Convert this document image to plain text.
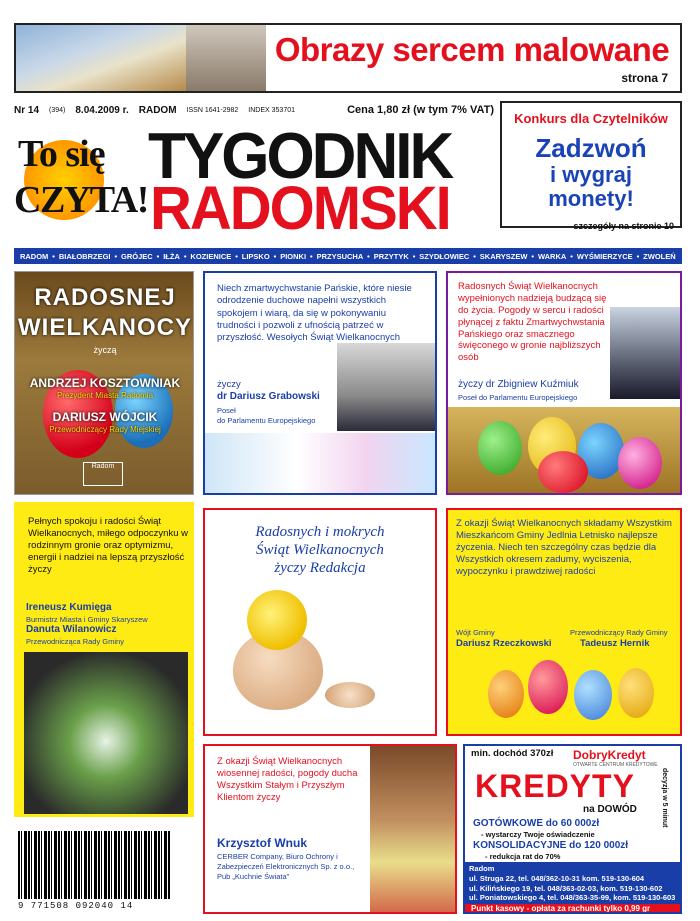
Obrazy sercem malowane
strona 7
Nr 14 (394) 8.04.2009 r. RADOM ISSN 1641-2982 INDEX 353701	Cena 1,80 zł (w tym 7% VAT)
To się
CZYTA!
TYGODNIK
RADOMSKI
Konkurs dla Czytelników
Zadzwoń
i wygraj monety!
szczegóły na stronie 10
RADOM • BIAŁOBRZEGI • GRÓJEC • IŁŻA • KOZIENICE • LIPSKO • PIONKI • PRZYSUCHA • PRZYTYK • SZYDŁOWIEC • SKARYSZEW • WARKA • WYŚMIERZYCE • ZWOLEŃ
RADOSNEJ
WIELKANOCY
życzą
ANDRZEJ KOSZTOWNIAK
Prezydent Miasta Radomia
DARIUSZ WÓJCIK
Przewodniczący Rady Miejskiej
Radom
Niech zmartwychwstanie Pańskie, które niesie odrodzenie duchowe napełni wszystkich spokojem i wiarą, da się w pokonywaniu trudności i pozwoli z ufnością patrzeć w przyszłość. Wesołych Świąt Wielkanocnych
życzy
dr Dariusz Grabowski
Poseł
do Parlamentu Europejskiego
Radosnych Świąt Wielkanocnych wypełnionych nadzieją budzącą się do życia. Pogody w sercu i radości płynącej z faktu Zmartwychwstania Pańskiego oraz smacznego święconego w gronie najbliższych osób
życzy dr Zbigniew Kuźmiuk
Poseł do Parlamentu Europejskiego
Pełnych spokoju i radości Świąt Wielkanocnych, miłego odpoczynku w rodzinnym gronie oraz optymizmu, energii i nadziei na lepszą przyszłość życzy
Ireneusz Kumięga
Burmistrz Miasta i Gminy Skaryszew
Danuta Wilanowicz
Przewodnicząca Rady Gminy
Radosnych i mokrych
Świąt Wielkanocnych
życzy Redakcja
Z okazji Świąt Wielkanocnych składamy Wszystkim Mieszkańcom Gminy Jedlnia Letnisko najlepsze życzenia. Niech ten szczególny czas będzie dla Wszystkich okresem zadumy, wyciszenia, wypoczynku i prawdziwej radości
Wójt Gminy
Dariusz Rzeczkowski
Przewodniczący Rady Gminy
Tadeusz Hernik
Z okazji Świąt Wielkanocnych wiosennej radości, pogody ducha Wszystkim Stałym i Przyszłym Klientom życzy
Krzysztof Wnuk
CERBER Company, Biuro Ochrony i Zabezpieczeń Elektronicznych Sp. z o.o., Pub „Kuchnie Świata”
min. dochód 370zł DobryKredyt
OTWARTE CENTRUM KREDYTOWE
KREDYTY
na DOWÓD	decyzja w 5 minut
GOTÓWKOWE do 60 000zł
- wystarczy Twoje oświadczenie
KONSOLIDACYJNE do 120 000zł
- redukcja rat do 70%
Radom
ul. Struga 22, tel. 048/362-10-31 kom. 519-130-604
ul. Kilińskiego 19, tel. 048/363-02-03, kom. 519-130-602
ul. Poniatowskiego 4, tel. 048/363-35-99, kom. 519-130-603
Punkt kasowy - opłata za rachunki tylko 0,99 gr
9 771508 092040 14
